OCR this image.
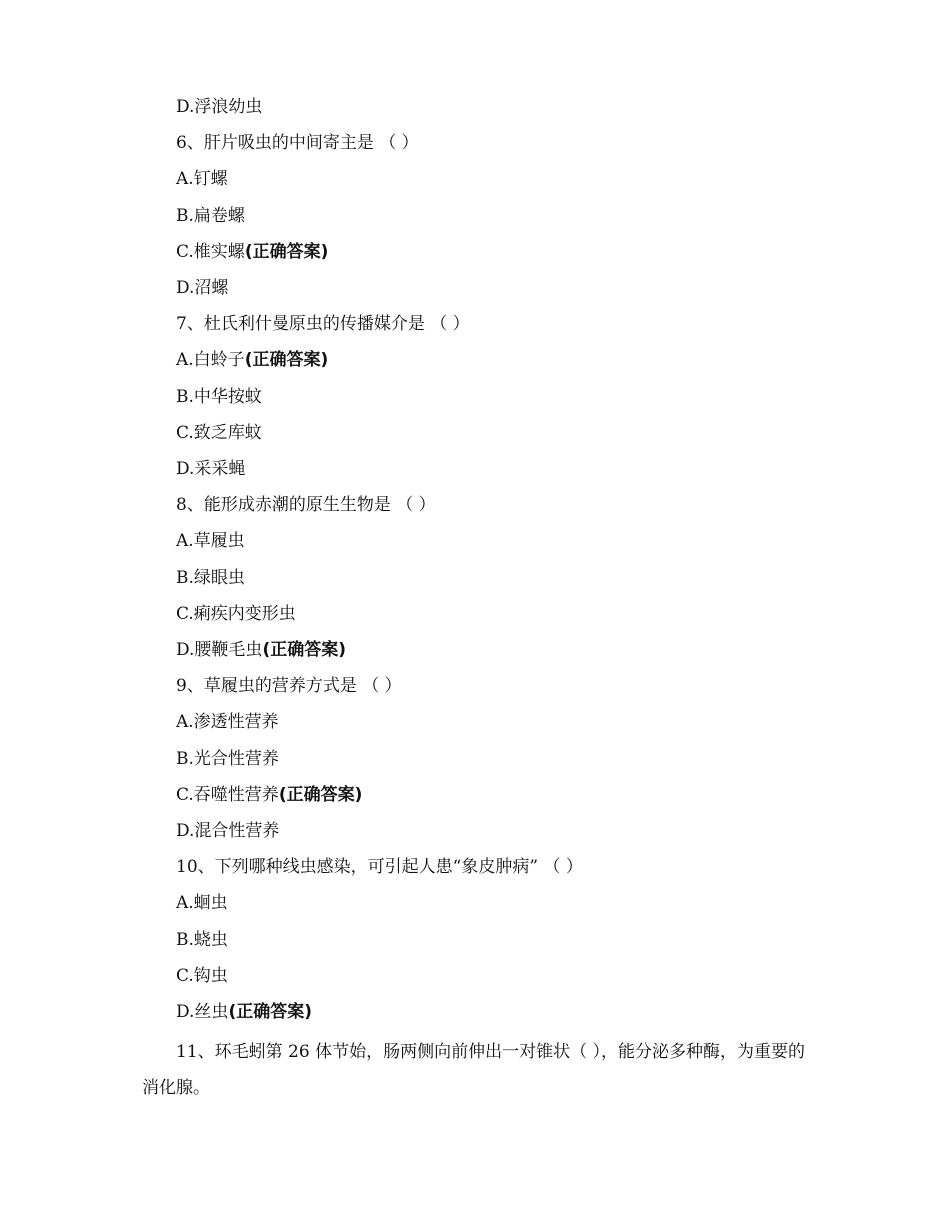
D.浮浪幼虫
6、肝片吸虫的中间寄主是 （ ）
A.钉螺
B.扁卷螺
C.椎实螺(正确答案)
D.沼螺
7、杜氏利什曼原虫的传播媒介是 （ ）
A.白蛉子(正确答案)
B.中华按蚊
C.致乏库蚊
D.采采蝇
8、能形成赤潮的原生生物是 （ ）
A.草履虫
B.绿眼虫
C.痢疾内变形虫
D.腰鞭毛虫(正确答案)
9、草履虫的营养方式是 （ ）
A.渗透性营养
B.光合性营养
C.吞噬性营养(正确答案)
D.混合性营养
10、下列哪种线虫感染，可引起人患“象皮肿病” （ ）
A.蛔虫
B.蛲虫
C.钩虫
D.丝虫(正确答案)
11、环毛蚓第 26 体节始，肠两侧向前伸出一对锥状（ ），能分泌多种酶，为重要的消化腺。
